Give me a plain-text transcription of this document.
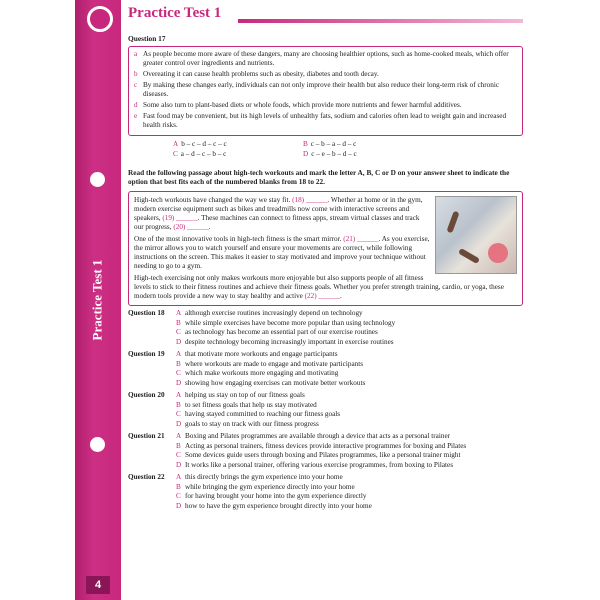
Practice Test 1
4
Practice Test 1
Question 17
a As people become more aware of these dangers, many are choosing healthier options, such as home-cooked meals, which offer greater control over ingredients and nutrients.
b Overeating it can cause health problems such as obesity, diabetes and tooth decay.
c By making these changes early, individuals can not only improve their health but also reduce their long-term risk of chronic diseases.
d Some also turn to plant-based diets or whole foods, which provide more nutrients and fewer harmful additives.
e Fast food may be convenient, but its high levels of unhealthy fats, sodium and calories often lead to weight gain and increased health risks.
A b – c – d – c – c	B c – b – a – d – c
C a – d – c – b – c	D c – e – b – d – c
Read the following passage about high-tech workouts and mark the letter A, B, C or D on your answer sheet to indicate the option that best fits each of the numbered blanks from 18 to 22.

High-tech workouts have changed the way we stay fit. (18) ______. Whether at home or in the gym, modern exercise equipment such as bikes and treadmills now come with interactive screens and speakers, (19) ______. These machines can connect to fitness apps, stream virtual classes and track our progress, (20) ______.

One of the most innovative tools in high-tech fitness is the smart mirror. (21) ______. As you exercise, the mirror allows you to watch yourself and ensure your movements are correct, while following instructions on the screen. This makes it easier to stay motivated and improve your technique without needing to go to a gym.

High-tech exercising not only makes workouts more enjoyable but also supports people of all fitness levels to stick to their fitness routines and achieve their fitness goals. Whether you prefer strength training, cardio, or yoga, these modern tools provide a new way to stay healthy and active (22) ______.

Question 18	A although exercise routines increasingly depend on technology
B while simple exercises have become more popular than using technology
C as technology has become an essential part of our exercise routines
D despite technology becoming increasingly important in exercise routines
Question 19	A that motivate more workouts and engage participants
B where workouts are made to engage and motivate participants
C which make workouts more engaging and motivating
D showing how engaging exercises can motivate better workouts
Question 20	A helping us stay on top of our fitness goals
B to set fitness goals that help us stay motivated
C having stayed committed to reaching our fitness goals
D goals to stay on track with our fitness progress
Question 21	A Boxing and Pilates programmes are available through a device that acts as a personal trainer
B Acting as personal trainers, fitness devices provide interactive programmes for boxing and Pilates
C Some devices guide users through boxing and Pilates programmes, like a personal trainer might
D It works like a personal trainer, offering various exercise programmes, from boxing to Pilates
Question 22	A this directly brings the gym experience into your home
B while bringing the gym experience directly into your home
C for having brought your home into the gym experience directly
D how to have the gym experience brought directly into your home
